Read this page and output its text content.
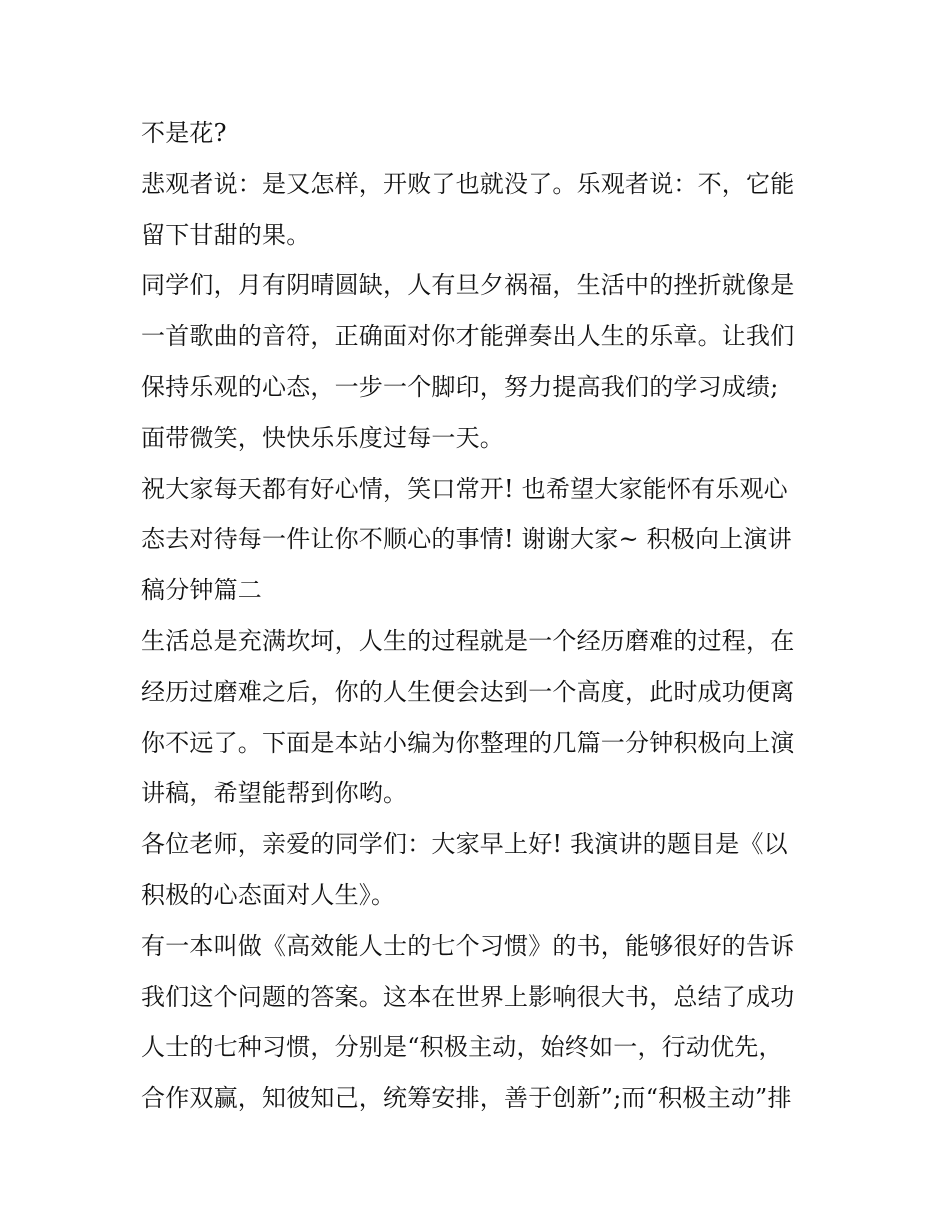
不是花?
悲观者说：是又怎样，开败了也就没了。乐观者说：不，它能
留下甘甜的果。
同学们，月有阴晴圆缺，人有旦夕祸福，生活中的挫折就像是
一首歌曲的音符，正确面对你才能弹奏出人生的乐章。让我们
保持乐观的心态，一步一个脚印，努力提高我们的学习成绩;
面带微笑，快快乐乐度过每一天。
祝大家每天都有好心情，笑口常开! 也希望大家能怀有乐观心
态去对待每一件让你不顺心的事情! 谢谢大家~ 积极向上演讲
稿分钟篇二
生活总是充满坎坷，人生的过程就是一个经历磨难的过程，在
经历过磨难之后，你的人生便会达到一个高度，此时成功便离
你不远了。下面是本站小编为你整理的几篇一分钟积极向上演
讲稿，希望能帮到你哟。
各位老师，亲爱的同学们：大家早上好! 我演讲的题目是《以
积极的心态面对人生》。
有一本叫做《高效能人士的七个习惯》的书，能够很好的告诉
我们这个问题的答案。这本在世界上影响很大书，总结了成功
人士的七种习惯，分别是“积极主动，始终如一，行动优先，
合作双赢，知彼知己，统筹安排，善于创新”;而“积极主动”排
